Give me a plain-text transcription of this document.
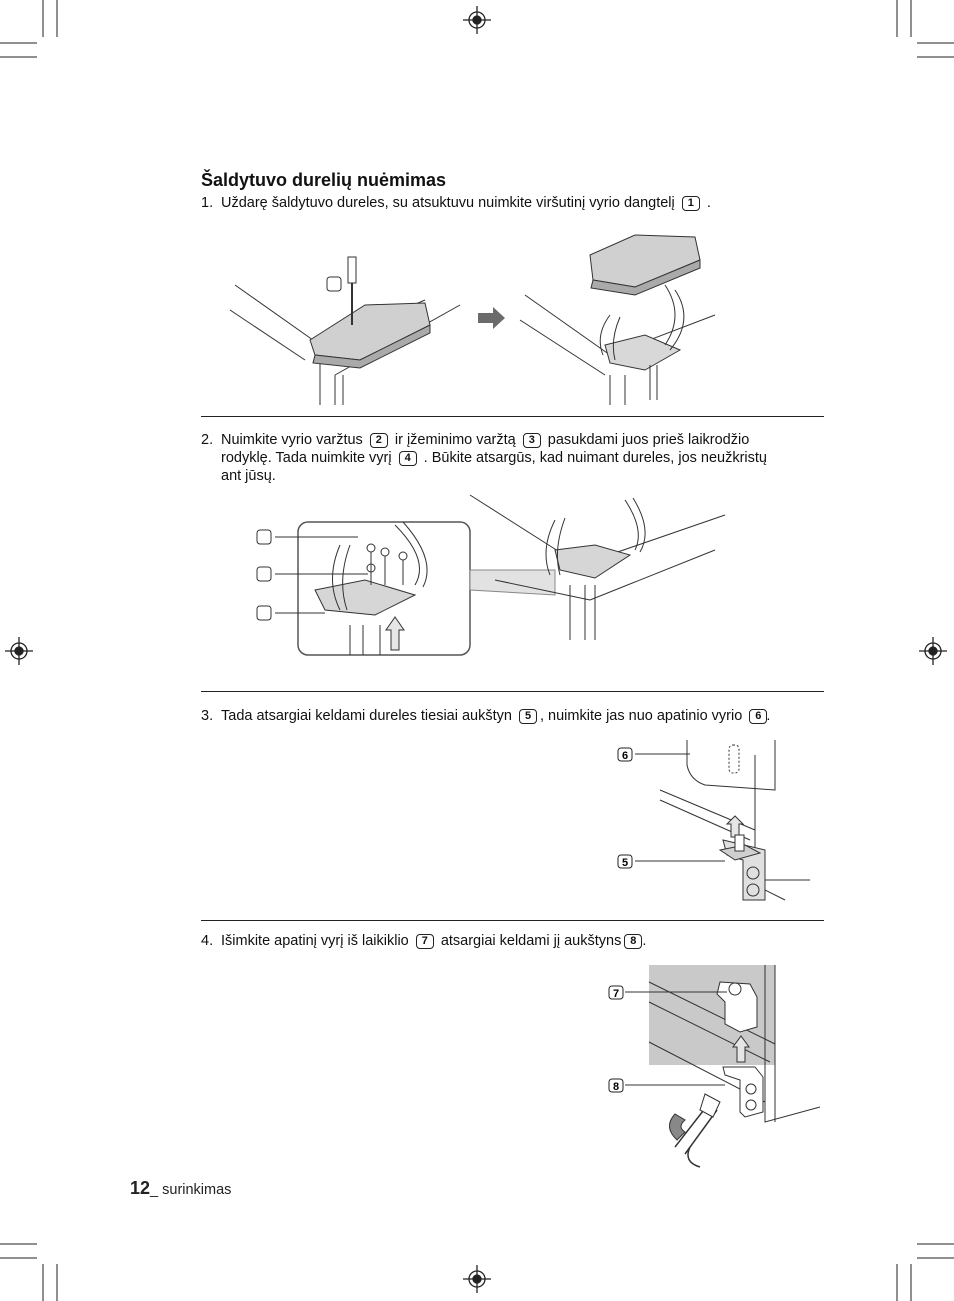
Šaldytuvo durelių nuėmimas
1. Uždarę šaldytuvo dureles, su atsuktuvu nuimkite viršutinį vyrio dangtelį 1 .
2. Nuimkite vyrio varžtus 2 ir įžeminimo varžtą 3 pasukdami juos prieš laikrodžio
rodyklę. Tada nuimkite vyrį 4 . Būkite atsargūs, kad nuimant dureles, jos neužkristų
ant jūsų.
3. Tada atsargiai keldami dureles tiesiai aukštyn 5 , nuimkite jas nuo apatinio vyrio 6 .
6
5
4. Išimkite apatinį vyrį iš laikiklio 7 atsargiai keldami jį aukštyns 8 .
7
8
12_ surinkimas
